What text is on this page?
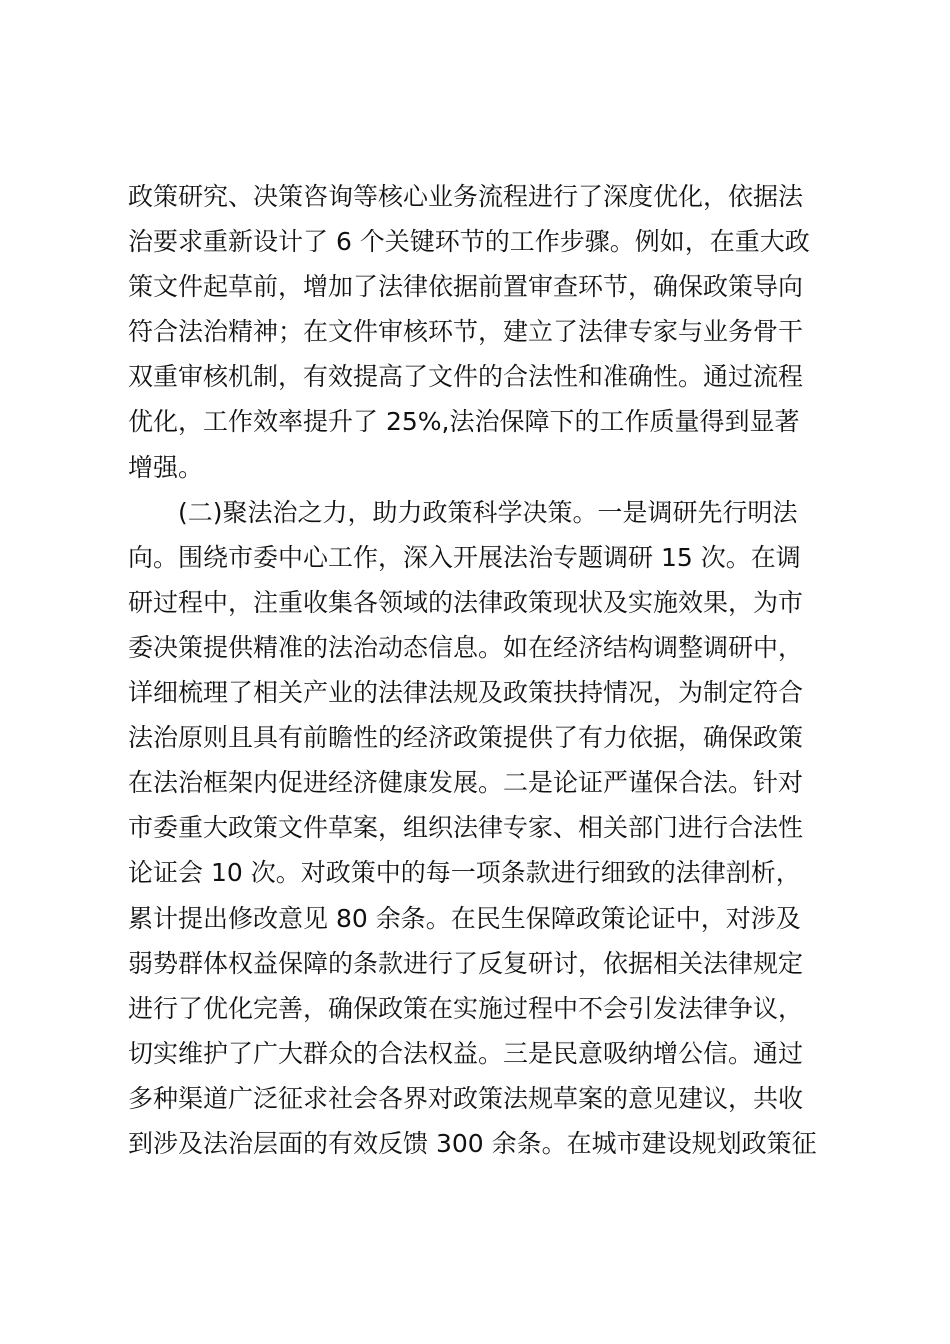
政策研究、决策咨询等核心业务流程进行了深度优化，依据法
治要求重新设计了 6 个关键环节的工作步骤。例如，在重大政
策文件起草前，增加了法律依据前置审查环节，确保政策导向
符合法治精神；在文件审核环节，建立了法律专家与业务骨干
双重审核机制，有效提高了文件的合法性和准确性。通过流程
优化，工作效率提升了 25%,法治保障下的工作质量得到显著
增强。
(二)聚法治之力，助力政策科学决策。一是调研先行明法
向。围绕市委中心工作，深入开展法治专题调研 15 次。在调
研过程中，注重收集各领域的法律政策现状及实施效果，为市
委决策提供精准的法治动态信息。如在经济结构调整调研中，
详细梳理了相关产业的法律法规及政策扶持情况，为制定符合
法治原则且具有前瞻性的经济政策提供了有力依据，确保政策
在法治框架内促进经济健康发展。二是论证严谨保合法。针对
市委重大政策文件草案，组织法律专家、相关部门进行合法性
论证会 10 次。对政策中的每一项条款进行细致的法律剖析，
累计提出修改意见 80 余条。在民生保障政策论证中，对涉及
弱势群体权益保障的条款进行了反复研讨，依据相关法律规定
进行了优化完善，确保政策在实施过程中不会引发法律争议，
切实维护了广大群众的合法权益。三是民意吸纳增公信。通过
多种渠道广泛征求社会各界对政策法规草案的意见建议，共收
到涉及法治层面的有效反馈 300 余条。在城市建设规划政策征
